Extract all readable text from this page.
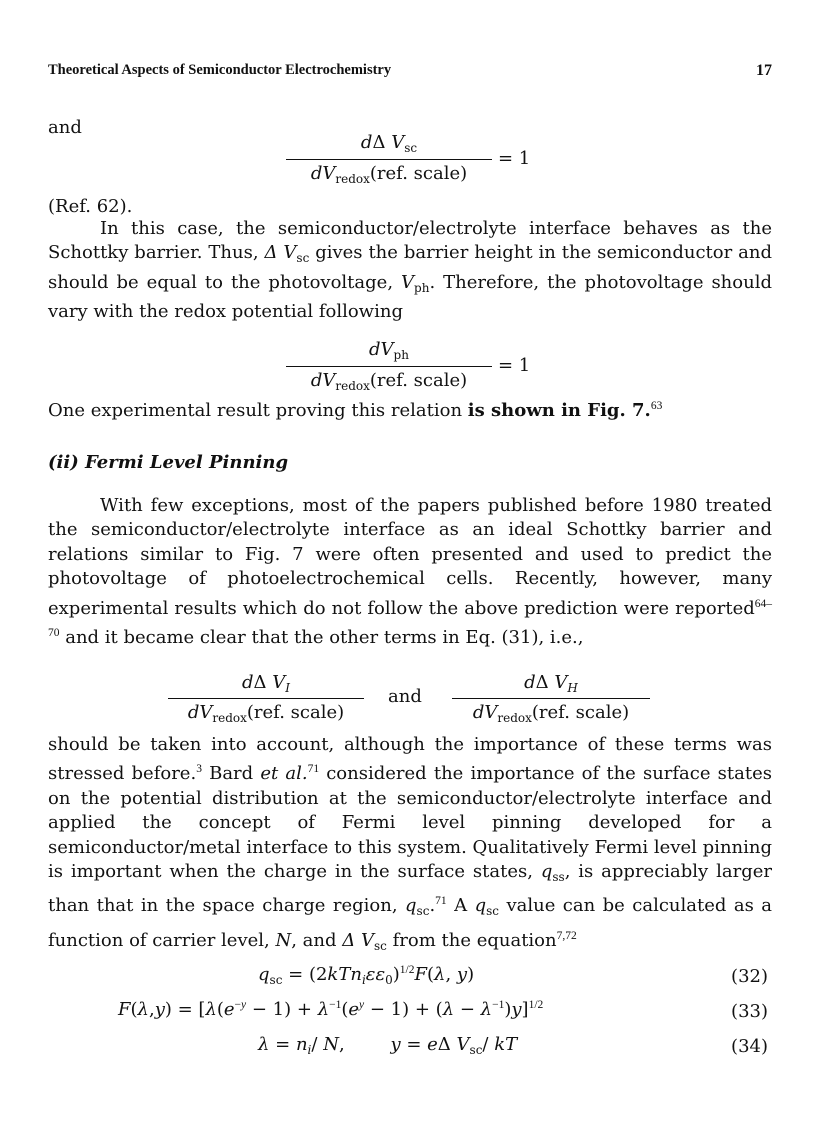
Theoretical Aspects of Semiconductor Electrochemistry	17
and
dΔ $V_{sc}$
$dV_{redox}(ref$. scale)
= 1
(Ref. 62).

In this case, the semiconductor/electrolyte interface behaves as the Schottky barrier. Thus, Δ $V_{sc}$ gives the barrier height in the semiconductor and should be equal to the photovoltage, $V_{ph}$. Therefore, the photovoltage should vary with the redox potential following

$dV_{ph}$
$dV_{redox}(ref$. scale)
= 1
One experimental result proving this relation is shown in Fig. 7.63
(ii) Fermi Level Pinning

With few exceptions, most of the papers published before 1980 treated the semiconductor/electrolyte interface as an ideal Schottky barrier and relations similar to Fig. 7 were often presented and used to predict the photovoltage of photoelectrochemical cells. Recently, however, many experimental results which do not follow the above prediction were reported$^{64-70}$ and it became clear that the other terms in Eq. (31), i.e.,

dΔ $V_I$
$dV_{redox}(ref$. scale)
and
dΔ $V_H$
$dV_{redox}(ref$. scale)

should be taken into account, although the importance of these terms was stressed before.$^3$ Bard et al.$^{71}$ considered the importance of the surface states on the potential distribution at the semiconductor/electrolyte interface and applied the concept of Fermi level pinning developed for a semiconductor/metal interface to this system. Qualitatively Fermi level pinning is important when the charge in the surface states, $q_{ss}$, is appreciably larger than that in the space charge region, $q_{sc}.^{71}$ A $q_{sc}$ value can be calculated as a function of carrier level, N, and Δ $V_{sc}$ from the equation$^{7,72}$

$q_{sc} = (2kTn_i\varepsilon\varepsilon_0)^{1/2}F(\lambda$, y)	(32)
$F(\lambda,y) = [\lambda(e^{-y} - 1) + \lambda^{-1}(e^y - 1) + (\lambda - \lambda^{-1})y]^{1/2}$	(33)
$\lambda = n_i/$ N,        y = eΔ $V_{sc}/$ kT	(34)
